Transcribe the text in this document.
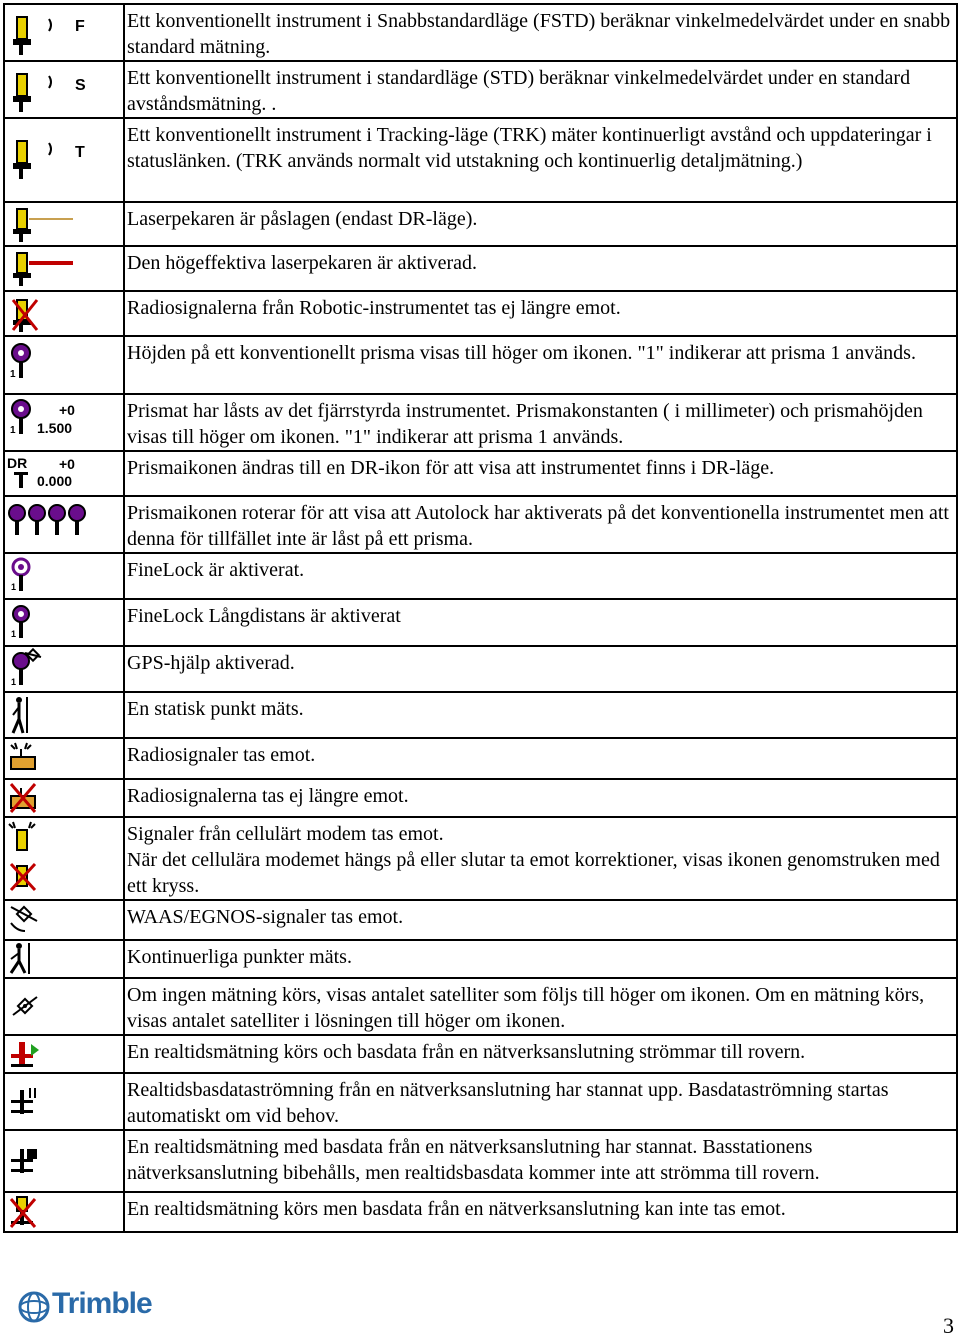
F	Ett konventionellt instrument i Snabbstandardläge (FSTD) beräknar vinkelmedelvärdet under en snabb standard mätning.

S	Ett konventionellt instrument i standardläge (STD) beräknar vinkelmedelvärdet under en standard avståndsmätning. .

T	Ett konventionellt instrument i Tracking-läge (TRK) mäter kontinuerligt avstånd och uppdateringar i statuslänken. (TRK används normalt vid utstakning och kontinuerlig detaljmätning.)

	Laserpekaren är påslagen (endast DR-läge).

	Den högeffektiva laserpekaren är aktiverad.

	Radiosignalerna från Robotic-instrumentet tas ej längre emot.

1	Höjden på ett konventionellt prisma visas till höger om ikonen. "1" indikerar att prisma 1 används.

1
+0
1.500	Prismat har låsts av det fjärrstyrda instrumentet. Prismakonstanten ( i millimeter) och prismahöjden visas till höger om ikonen. "1" indikerar att prisma 1 används.

DR +0
0.000	Prismaikonen ändras till en DR-ikon för att visa att instrumentet finns i DR-läge.

	Prismaikonen roterar för att visa att Autolock har aktiverats på det konventionella instrumentet men att denna för tillfället inte är låst på ett prisma.

1	FineLock är aktiverat.

1	FineLock Långdistans är aktiverat

1	GPS-hjälp aktiverad.

	En statisk punkt mäts.

	Radiosignaler tas emot.

	Radiosignalerna tas ej längre emot.

	Signaler från cellulärt modem tas emot.
När det cellulära modemet hängs på eller slutar ta emot korrektioner, visas ikonen genomstruken med ett kryss.

	WAAS/EGNOS-signaler tas emot.

	Kontinuerliga punkter mäts.

	Om ingen mätning körs, visas antalet satelliter som följs till höger om ikonen. Om en mätning körs, visas antalet satelliter i lösningen till höger om ikonen.

	En realtidsmätning körs och basdata från en nätverksanslutning strömmar till rovern.

	Realtidsbasdataströmning från en nätverksanslutning har stannat upp. Basdataströmning startas automatiskt om vid behov.

	En realtidsmätning med basdata från en nätverksanslutning har stannat. Basstationens nätverksanslutning bibehålls, men realtidsbasdata kommer inte att strömma till rovern.

	En realtidsmätning körs men basdata från en nätverksanslutning kan inte tas emot.
Trimble
3
